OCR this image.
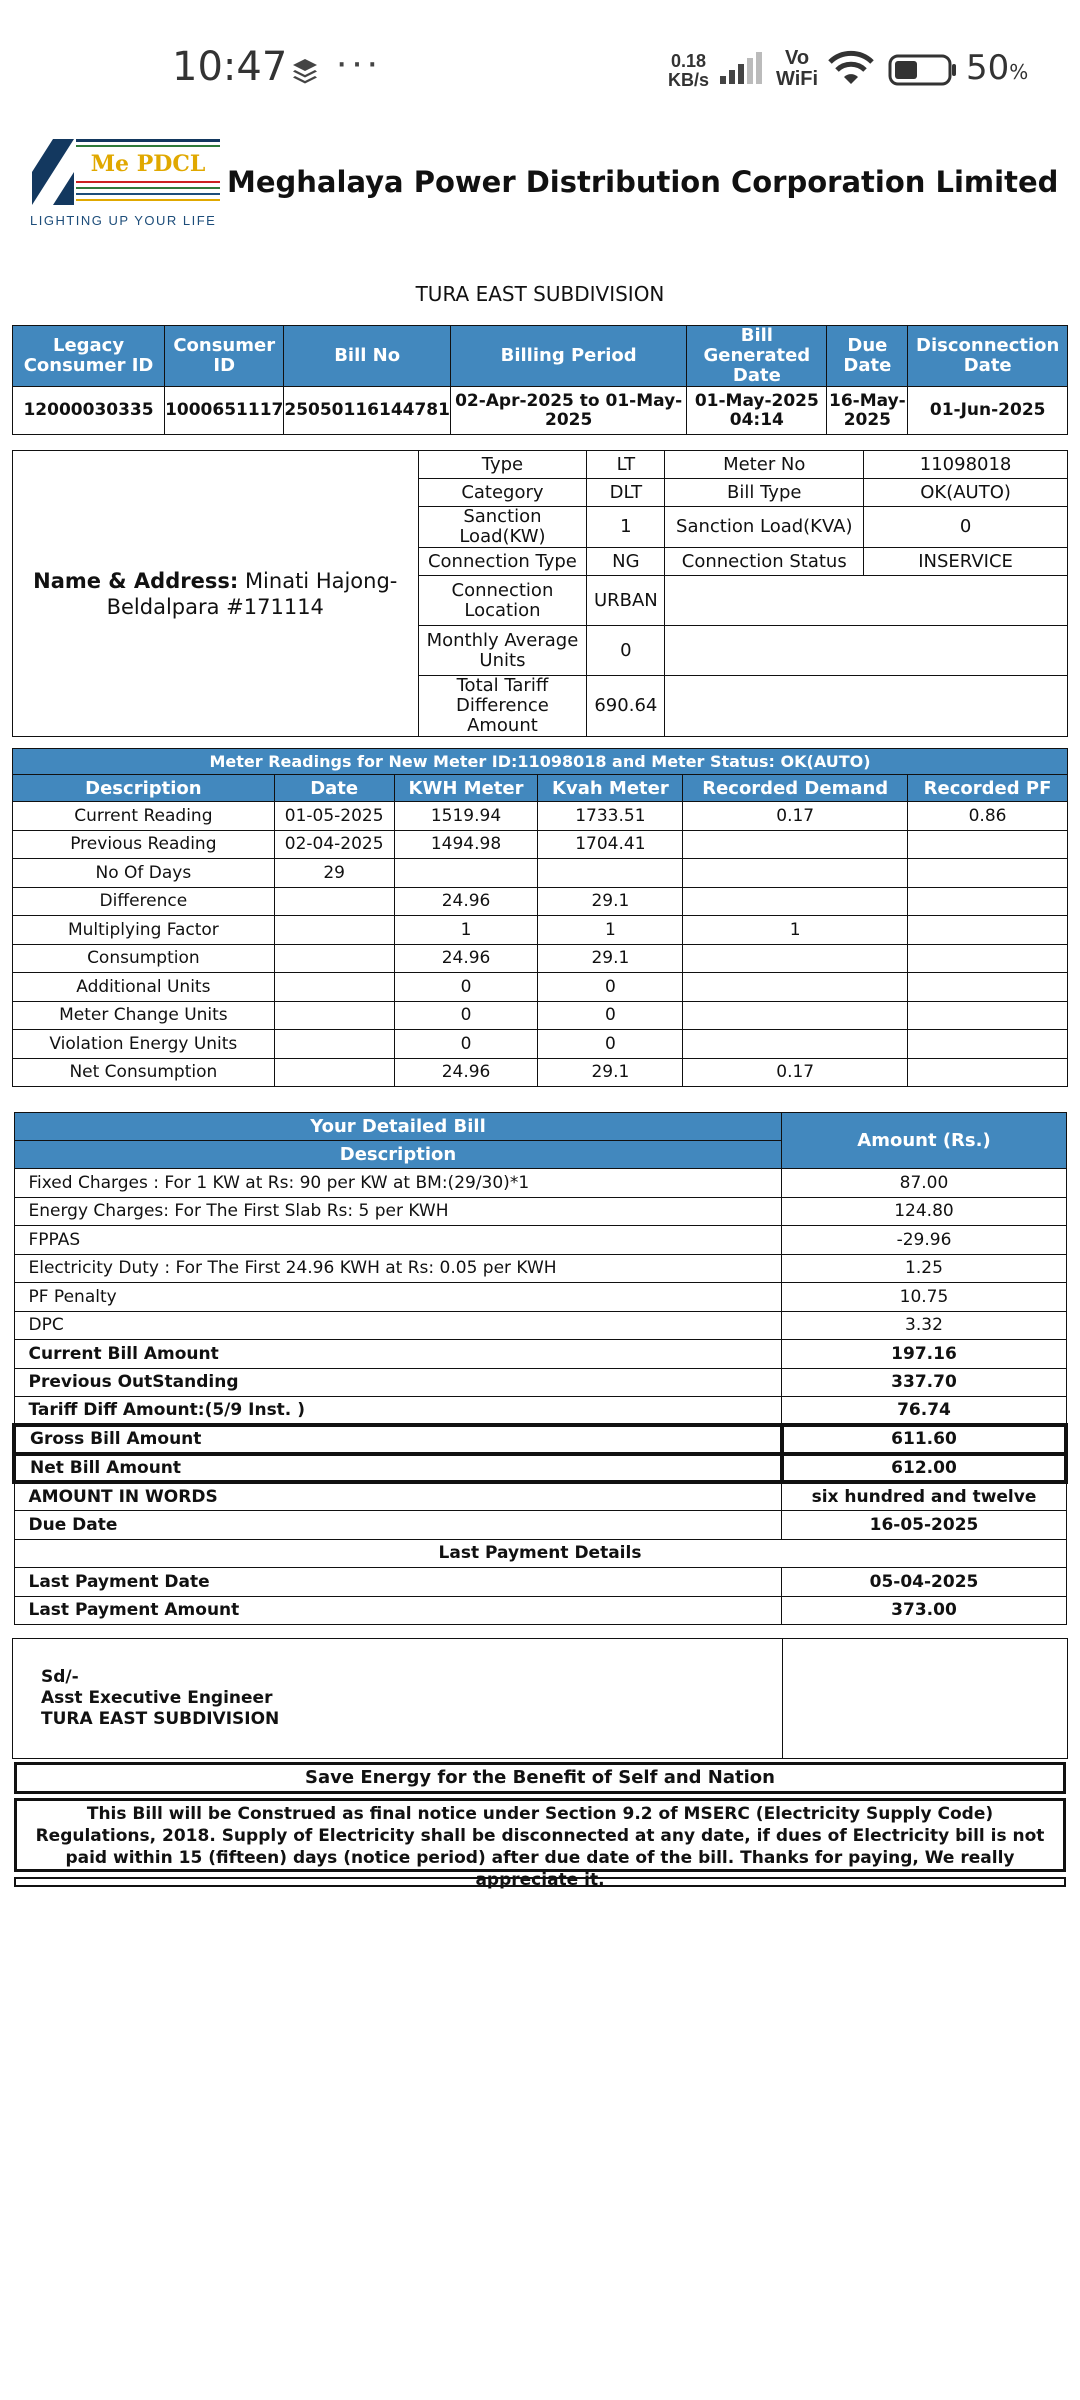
10:47 ···	0.18
KB/s
Vo
WiFi	50%
Me PDCL
LIGHTING UP YOUR LIFE
Meghalaya Power Distribution Corporation Limited
TURA EAST SUBDIVISION
Legacy Consumer ID	Consumer ID	Bill No	Billing Period	Bill Generated Date	Due Date	Disconnection Date
12000030335	1000651117	25050116144781	02-Apr-2025 to 01-May-2025	01-May-2025 04:14	16-May-2025	01-Jun-2025
Name & Address: Minati Hajong-Beldalpara #171114	Type	LT	Meter No	11098018
	Category	DLT	Bill Type	OK(AUTO)
	Sanction Load(KW)	1	Sanction Load(KVA)	0
	Connection Type	NG	Connection Status	INSERVICE
	Connection Location	URBAN		
	Monthly Average Units	0		
	Total Tariff Difference Amount	690.64		
Meter Readings for New Meter ID:11098018 and Meter Status: OK(AUTO)					
Description	Date	KWH Meter	Kvah Meter	Recorded Demand	Recorded PF
Current Reading	01-05-2025	1519.94	1733.51	0.17	0.86
Previous Reading	02-04-2025	1494.98	1704.41		
No Of Days	29				
Difference		24.96	29.1		
Multiplying Factor		1	1	1	
Consumption		24.96	29.1		
Additional Units		0	0		
Meter Change Units		0	0		
Violation Energy Units		0	0		
Net Consumption		24.96	29.1	0.17	
Your Detailed Bill	Amount (Rs.)
Description	
Fixed Charges : For 1 KW at Rs: 90 per KW at BM:(29/30)*1	87.00
Energy Charges: For The First Slab Rs: 5 per KWH	124.80
FPPAS	-29.96
Electricity Duty : For The First 24.96 KWH at Rs: 0.05 per KWH	1.25
PF Penalty	10.75
DPC	3.32
Current Bill Amount	197.16
Previous OutStanding	337.70
Tariff Diff Amount:(5/9 Inst. )	76.74
Gross Bill Amount	611.60
Net Bill Amount	612.00
AMOUNT IN WORDS	six hundred and twelve
Due Date	16-05-2025
Last Payment Details	
Last Payment Date	05-04-2025
Last Payment Amount	373.00
Sd/-
Asst Executive Engineer
TURA EAST SUBDIVISION

Save Energy for the Benefit of Self and Nation
This Bill will be Construed as final notice under Section 9.2 of MSERC (Electricity Supply Code) Regulations, 2018. Supply of Electricity shall be disconnected at any date, if dues of Electricity bill is not paid within 15 (fifteen) days (notice period) after due date of the bill. Thanks for paying, We really appreciate it.
